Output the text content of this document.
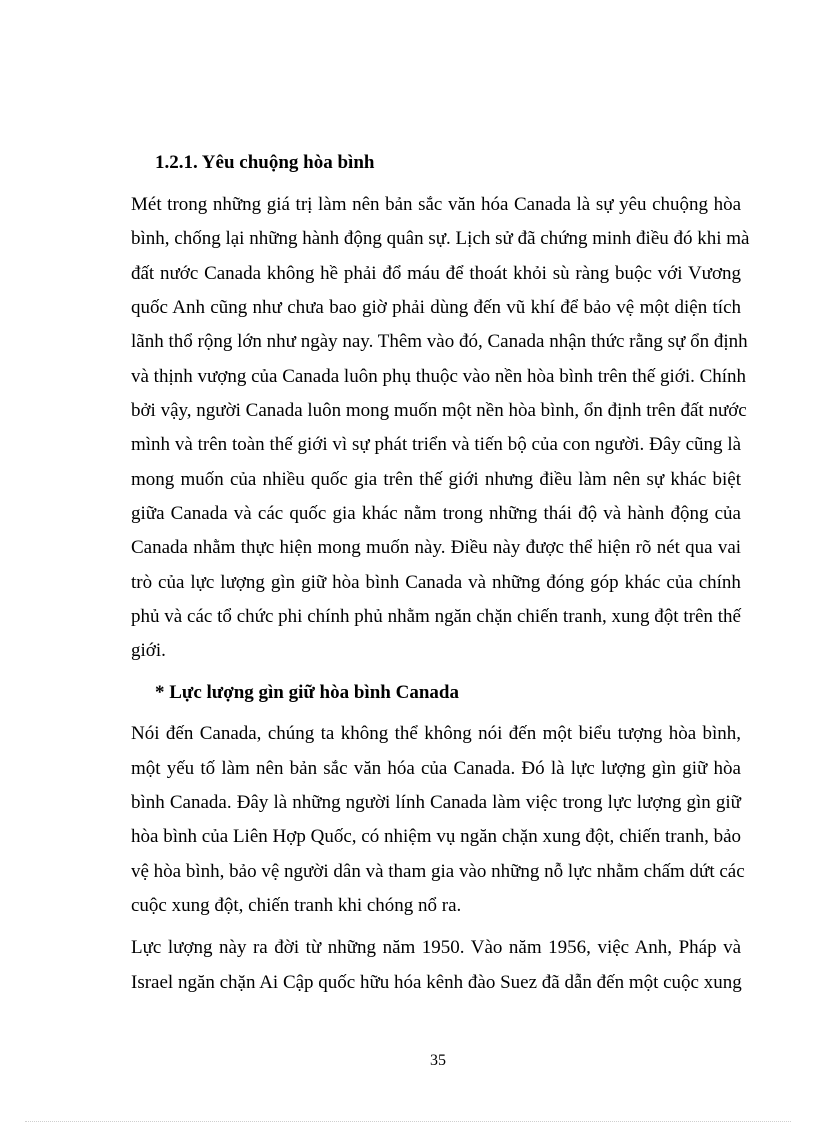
1.2.1. Yêu chuộng hòa bình
Mét trong những giá trị làm nên bản sắc văn hóa Canada là sự yêu chuộng hòa
bình, chống lại những hành động quân sự. Lịch sử đã chứng minh điều đó khi mà
đất nước Canada không hề phải đổ máu để thoát khỏi sù ràng buộc với Vương
quốc Anh cũng như chưa bao giờ phải dùng đến vũ khí để bảo vệ một diện tích
lãnh thổ rộng lớn như ngày nay. Thêm vào đó, Canada nhận thức rằng sự ổn định
và thịnh vượng của Canada luôn phụ thuộc vào nền hòa bình trên thế giới. Chính
bởi vậy, người Canada luôn mong muốn một nền hòa bình, ổn định trên đất nước
mình và trên toàn thế giới vì sự phát triển và tiến bộ của con người. Đây cũng là
mong muốn của nhiều quốc gia trên thế giới nhưng điều làm nên sự khác biệt
giữa Canada và các quốc gia khác nằm trong những thái độ và hành động của
Canada nhằm thực hiện mong muốn này. Điều này được thể hiện rõ nét qua vai
trò của lực lượng gìn giữ hòa bình Canada và những đóng góp khác của chính
phủ và các tổ chức phi chính phủ nhằm ngăn chặn chiến tranh, xung đột trên thế
giới.
* Lực lượng gìn giữ hòa bình Canada
Nói đến Canada, chúng ta không thể không nói đến một biểu tượng hòa bình,
một yếu tố làm nên bản sắc văn hóa của Canada. Đó là lực lượng gìn giữ hòa
bình Canada. Đây là những người lính Canada làm việc trong lực lượng gìn giữ
hòa bình của Liên Hợp Quốc, có nhiệm vụ ngăn chặn xung đột, chiến tranh, bảo
vệ hòa bình, bảo vệ người dân và tham gia vào những nỗ lực nhằm chấm dứt các
cuộc xung đột, chiến tranh khi chóng nổ ra.
Lực lượng này ra đời từ những năm 1950. Vào năm 1956, việc Anh, Pháp và
Israel ngăn chặn Ai Cập quốc hữu hóa kênh đào Suez đã dẫn đến một cuộc xung
35
